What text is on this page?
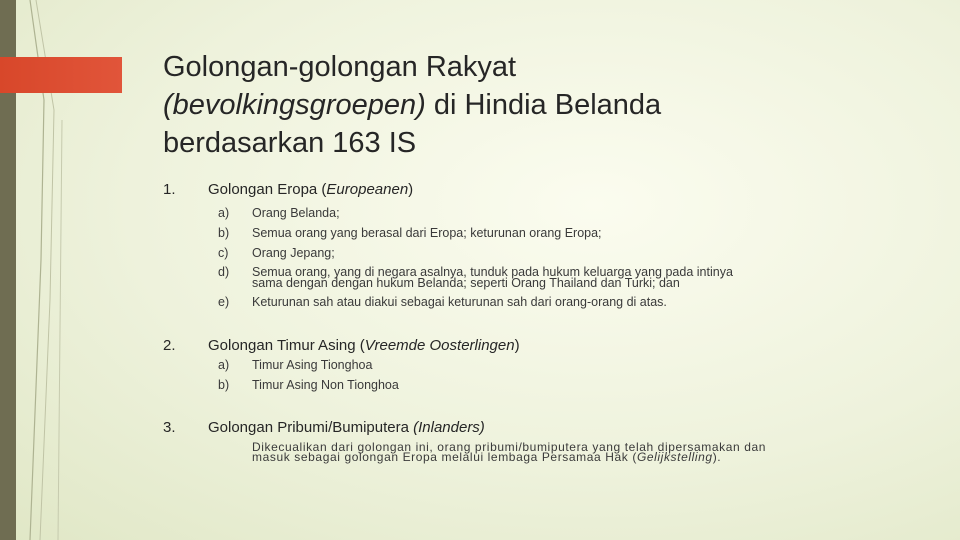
Golongan-golongan Rakyat
(bevolkingsgroepen) di Hindia Belanda
berdasarkan 163 IS
1. Golongan Eropa (Europeanen)
a) Orang Belanda;
b) Semua orang yang berasal dari Eropa; keturunan orang Eropa;
c) Orang Jepang;
d) Semua orang, yang di negara asalnya, tunduk pada hukum keluarga yang pada intinya
sama dengan dengan hukum Belanda; seperti Orang Thailand dan Turki; dan
e) Keturunan sah atau diakui sebagai keturunan sah dari orang-orang di atas.
2. Golongan Timur Asing (Vreemde Oosterlingen)
a) Timur Asing Tionghoa
b) Timur Asing Non Tionghoa
3. Golongan Pribumi/Bumiputera (Inlanders)
Dikecualikan dari golongan ini, orang pribumi/bumiputera yang telah dipersamakan dan
masuk sebagai golongan Eropa melalui lembaga Persamaa Hak (Gelijkstelling).
